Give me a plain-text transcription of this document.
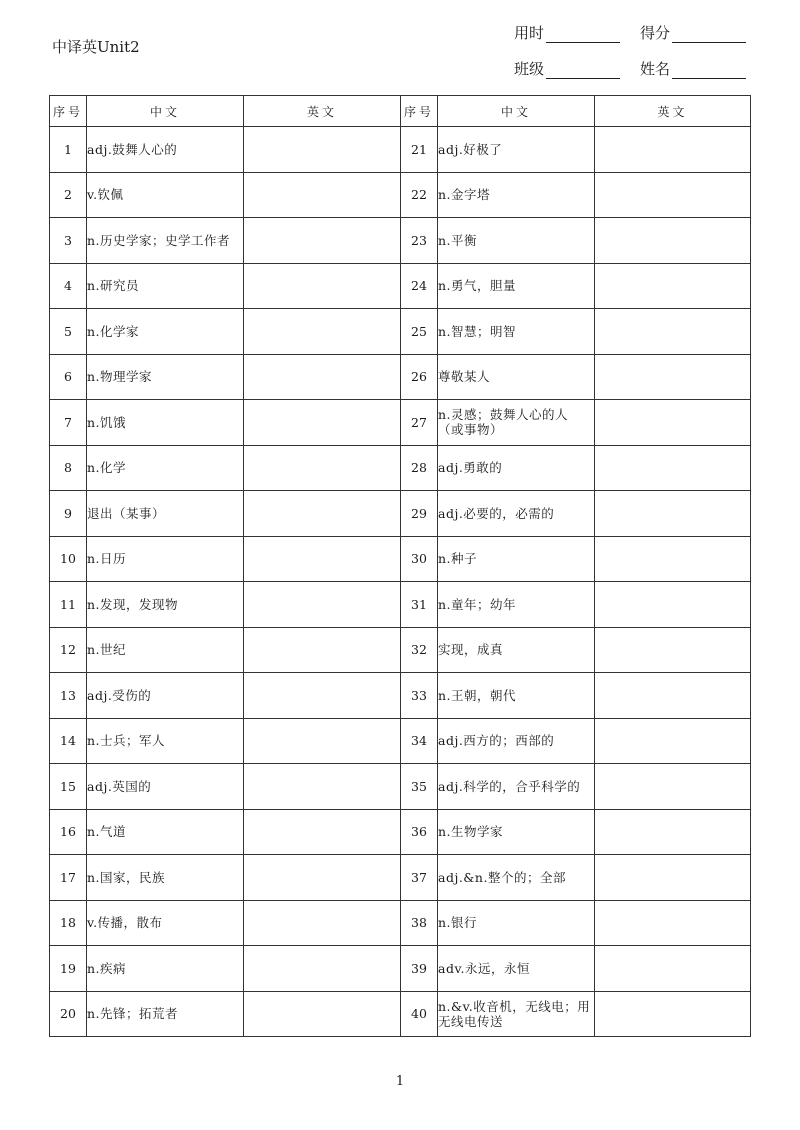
中译英Unit2
用时	得分
班级	姓名
序号	中文	英文	序号	中文	英文
1	adj.鼓舞人心的		21	adj.好极了	
2	v.钦佩		22	n.金字塔	
3	n.历史学家；史学工作者		23	n.平衡	
4	n.研究员		24	n.勇气，胆量	
5	n.化学家		25	n.智慧；明智	
6	n.物理学家		26	尊敬某人	
7	n.饥饿		27	n.灵感；鼓舞人心的人（或事物）	
8	n.化学		28	adj.勇敢的	
9	退出（某事）		29	adj.必要的，必需的	
10	n.日历		30	n.种子	
11	n.发现，发现物		31	n.童年；幼年	
12	n.世纪		32	实现，成真	
13	adj.受伤的		33	n.王朝，朝代	
14	n.士兵；军人		34	adj.西方的；西部的	
15	adj.英国的		35	adj.科学的，合乎科学的	
16	n.气道		36	n.生物学家	
17	n.国家，民族		37	adj.&n.整个的；全部	
18	v.传播，散布		38	n.银行	
19	n.疾病		39	adv.永远，永恒	
20	n.先锋；拓荒者		40	n.&v.收音机，无线电；用无线电传送	
1
